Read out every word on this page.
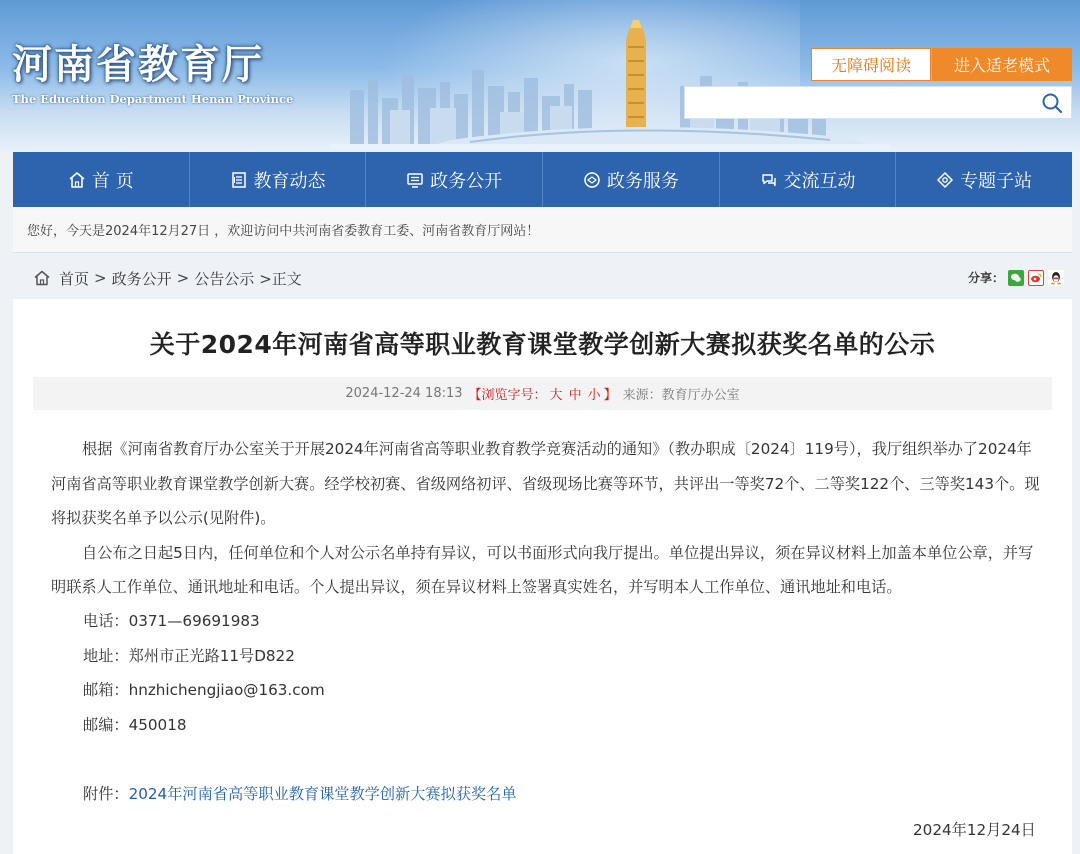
河南省教育厅
The Education Department Henan Province
无障碍阅读	进入适老模式
首 页	教育动态	政务公开	政务服务	交流互动	专题子站
您好，今天是2024年12月27日 ，欢迎访问中共河南省委教育工委、河南省教育厅网站！
首页 > 政务公开 > 公告公示 >正文	分享：
关于2024年河南省高等职业教育课堂教学创新大赛拟获奖名单的公示
2024-12-24 18:13 【浏览字号： 大 中 小 】 来源：教育厅办公室

根据《河南省教育厅办公室关于开展2024年河南省高等职业教育教学竞赛活动的通知》（教办职成〔2024〕119号），我厅组织举办了2024年河南省高等职业教育课堂教学创新大赛。经学校初赛、省级网络初评、省级现场比赛等环节，共评出一等奖72个、二等奖122个、三等奖143个。现将拟获奖名单予以公示(见附件)。

自公布之日起5日内，任何单位和个人对公示名单持有异议，可以书面形式向我厅提出。单位提出异议，须在异议材料上加盖本单位公章，并写明联系人工作单位、通讯地址和电话。个人提出异议，须在异议材料上签署真实姓名，并写明本人工作单位、通讯地址和电话。

电话：0371—69691983
地址：郑州市正光路11号D822
邮箱：hnzhichengjiao@163.com
邮编：450018
附件：2024年河南省高等职业教育课堂教学创新大赛拟获奖名单
2024年12月24日
